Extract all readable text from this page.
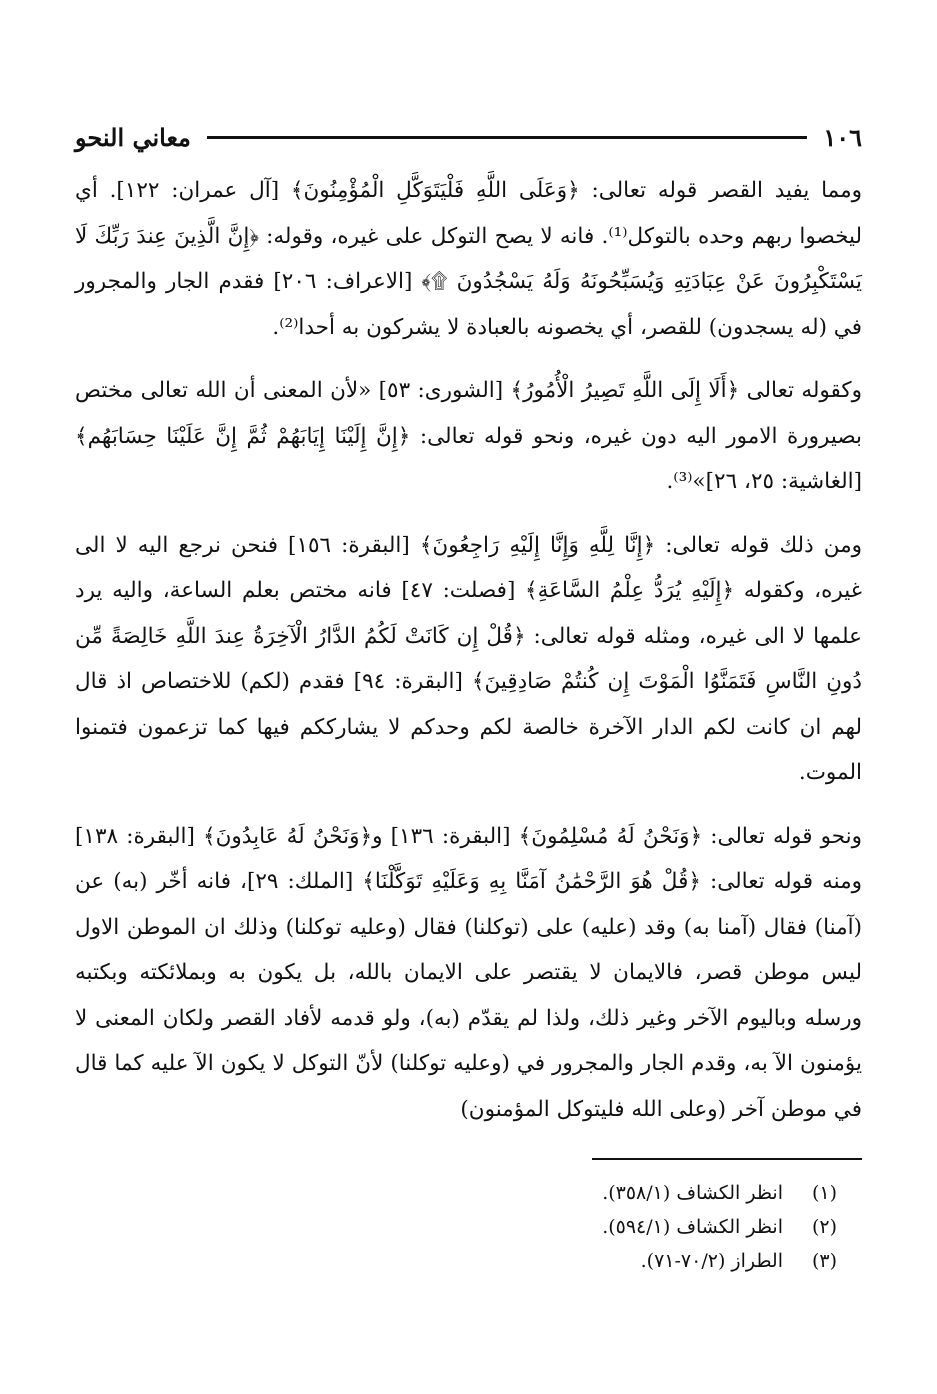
١٠٦
معاني النحو

ومما يفيد القصر قوله تعالى: ﴿وَعَلَى اللَّهِ فَلْيَتَوَكَّلِ الْمُؤْمِنُونَ﴾ [آل عمران: ١٢٢]. أي ليخصوا ربهم وحده بالتوكل⁽¹⁾. فانه لا يصح التوكل على غيره، وقوله: ﴿إِنَّ الَّذِينَ عِندَ رَبِّكَ لَا يَسْتَكْبِرُونَ عَنْ عِبَادَتِهِ وَيُسَبِّحُونَهُ وَلَهُ يَسْجُدُونَ ۩﴾ [الاعراف: ٢٠٦] فقدم الجار والمجرور في (له يسجدون) للقصر، أي يخصونه بالعبادة لا يشركون به أحدا⁽²⁾.

وكقوله تعالى ﴿أَلَا إِلَى اللَّهِ تَصِيرُ الْأُمُورُ﴾ [الشورى: ٥٣] «لأن المعنى أن الله تعالى مختص بصيرورة الامور اليه دون غيره، ونحو قوله تعالى: ﴿إِنَّ إِلَيْنَا إِيَابَهُمْ ثُمَّ إِنَّ عَلَيْنَا حِسَابَهُم﴾ [الغاشية: ٢٥، ٢٦]»⁽³⁾.

ومن ذلك قوله تعالى: ﴿إِنَّا لِلَّهِ وَإِنَّا إِلَيْهِ رَاجِعُونَ﴾ [البقرة: ١٥٦] فنحن نرجع اليه لا الى غيره، وكقوله ﴿إِلَيْهِ يُرَدُّ عِلْمُ السَّاعَةِ﴾ [فصلت: ٤٧] فانه مختص بعلم الساعة، واليه يرد علمها لا الى غيره، ومثله قوله تعالى: ﴿قُلْ إِن كَانَتْ لَكُمُ الدَّارُ الْآخِرَةُ عِندَ اللَّهِ خَالِصَةً مِّن دُونِ النَّاسِ فَتَمَنَّوُا الْمَوْتَ إِن كُنتُمْ صَادِقِينَ﴾ [البقرة: ٩٤] فقدم (لكم) للاختصاص اذ قال لهم ان كانت لكم الدار الآخرة خالصة لكم وحدكم لا يشارككم فيها كما تزعمون فتمنوا الموت.

ونحو قوله تعالى: ﴿وَنَحْنُ لَهُ مُسْلِمُونَ﴾ [البقرة: ١٣٦] و﴿وَنَحْنُ لَهُ عَابِدُونَ﴾ [البقرة: ١٣٨] ومنه قوله تعالى: ﴿قُلْ هُوَ الرَّحْمَٰنُ آمَنَّا بِهِ وَعَلَيْهِ تَوَكَّلْنَا﴾ [الملك: ٢٩]، فانه أخّر (به) عن (آمنا) فقال (آمنا به) وقد (عليه) على (توكلنا) فقال (وعليه توكلنا) وذلك ان الموطن الاول ليس موطن قصر، فالايمان لا يقتصر على الايمان بالله، بل يكون به وبملائكته وبكتبه ورسله وباليوم الآخر وغير ذلك، ولذا لم يقدّم (به)، ولو قدمه لأفاد القصر ولكان المعنى لا يؤمنون الآ به، وقدم الجار والمجرور في (وعليه توكلنا) لأنّ التوكل لا يكون الآ عليه كما قال في موطن آخر (وعلى الله فليتوكل المؤمنون)

(١)
انظر الكشاف (٣٥٨/١).
(٢)
انظر الكشاف (٥٩٤/١).
(٣)
الطراز (٧٠/٢-٧١).
